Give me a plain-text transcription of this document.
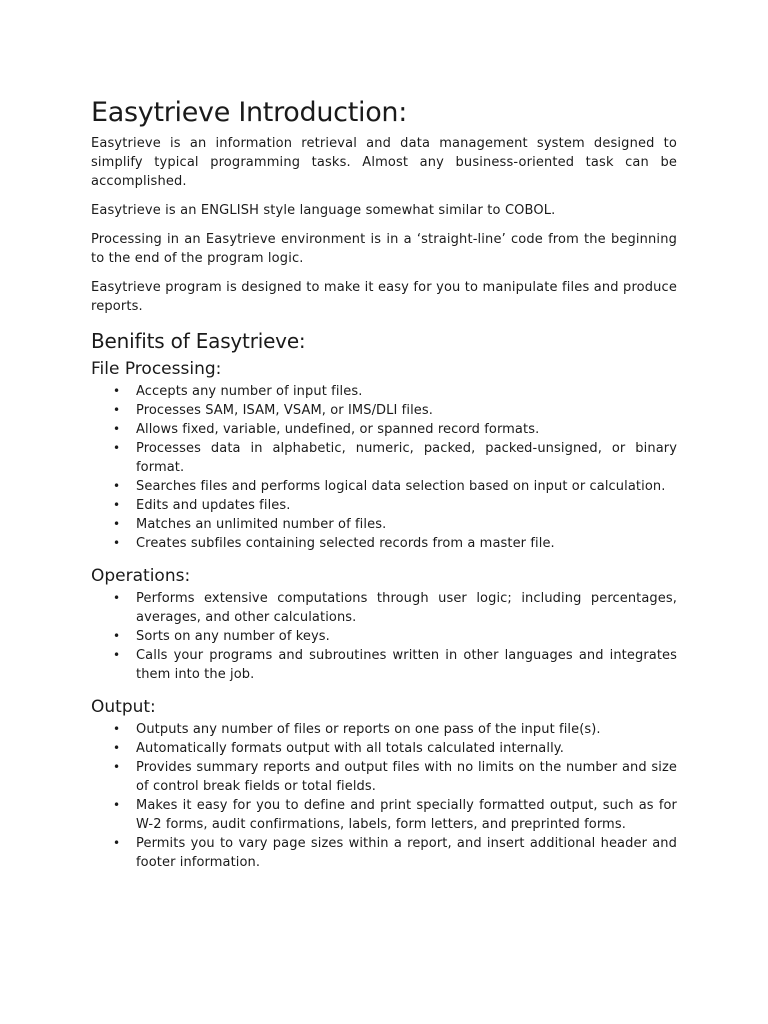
Easytrieve Introduction:

Easytrieve is an information retrieval and data management system designed to simplify typical programming tasks. Almost any business-oriented task can be accomplished.

Easytrieve is an ENGLISH style language somewhat similar to COBOL.

Processing in an Easytrieve environment is in a ‘straight-line’ code from the beginning to the end of the program logic.

Easytrieve program is designed to make it easy for you to manipulate files and produce reports.

Benifits of Easytrieve:
File Processing:
• Accepts any number of input files.
• Processes SAM, ISAM, VSAM, or IMS/DLI files.
• Allows fixed, variable, undefined, or spanned record formats.
• Processes data in alphabetic, numeric, packed, packed-unsigned, or binary format.
• Searches files and performs logical data selection based on input or calculation.
• Edits and updates files.
• Matches an unlimited number of files.
• Creates subfiles containing selected records from a master file.
Operations:
• Performs extensive computations through user logic; including percentages, averages, and other calculations.
• Sorts on any number of keys.
• Calls your programs and subroutines written in other languages and integrates them into the job.
Output:
• Outputs any number of files or reports on one pass of the input file(s).
• Automatically formats output with all totals calculated internally.
• Provides summary reports and output files with no limits on the number and size of control break fields or total fields.
• Makes it easy for you to define and print specially formatted output, such as for W-2 forms, audit confirmations, labels, form letters, and preprinted forms.
• Permits you to vary page sizes within a report, and insert additional header and footer information.
